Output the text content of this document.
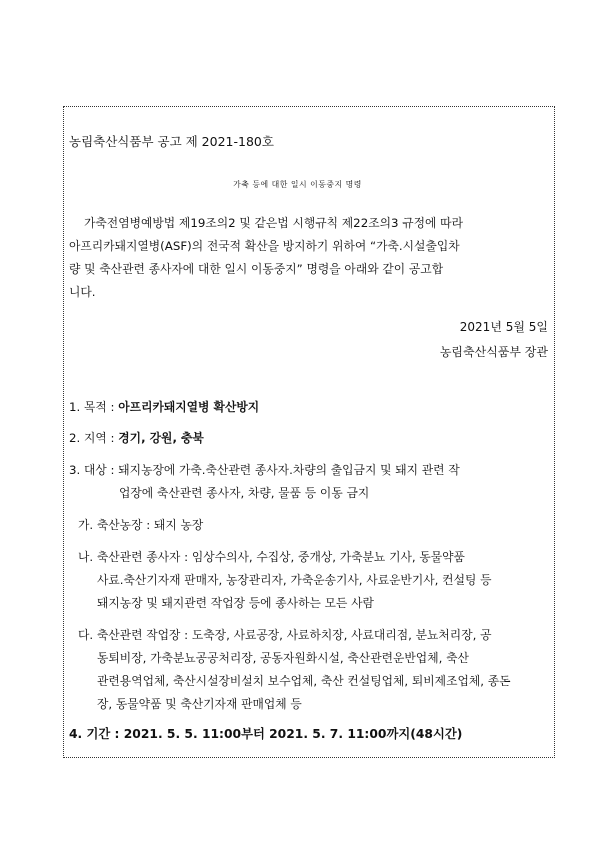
농림축산식품부 공고 제 2021-180호
가축 등에 대한 일시 이동중지 명령
가축전염병예방법 제19조의2 및 같은법 시행규칙 제22조의3 규정에 따라
아프리카돼지열병(ASF)의 전국적 확산을 방지하기 위하여 “가축.시설출입차
량 및 축산관련 종사자에 대한 일시 이동중지” 명령을 아래와 같이 공고합
니다.
2021년 5월 5일
농림축산식품부 장관
1. 목적 : 아프리카돼지열병 확산방지
2. 지역 : 경기, 강원, 충북
3. 대상 : 돼지농장에 가축.축산관련 종사자.차량의 출입금지 및 돼지 관련 작
업장에 축산관련 종사자, 차량, 물품 등 이동 금지
가. 축산농장 : 돼지 농장
나. 축산관련 종사자 : 임상수의사, 수집상, 중개상, 가축분뇨 기사, 동물약품
사료.축산기자재 판매자, 농장관리자, 가축운송기사, 사료운반기사, 컨설팅 등
돼지농장 및 돼지관련 작업장 등에 종사하는 모든 사람
다. 축산관련 작업장 : 도축장, 사료공장, 사료하치장, 사료대리점, 분뇨처리장, 공
동퇴비장, 가축분뇨공공처리장, 공동자원화시설, 축산관련운반업체, 축산
관련용역업체, 축산시설장비설치 보수업체, 축산 컨설팅업체, 퇴비제조업체, 종돈
장, 동물약품 및 축산기자재 판매업체 등
4. 기간 : 2021. 5. 5. 11:00부터 2021. 5. 7. 11:00까지(48시간)
